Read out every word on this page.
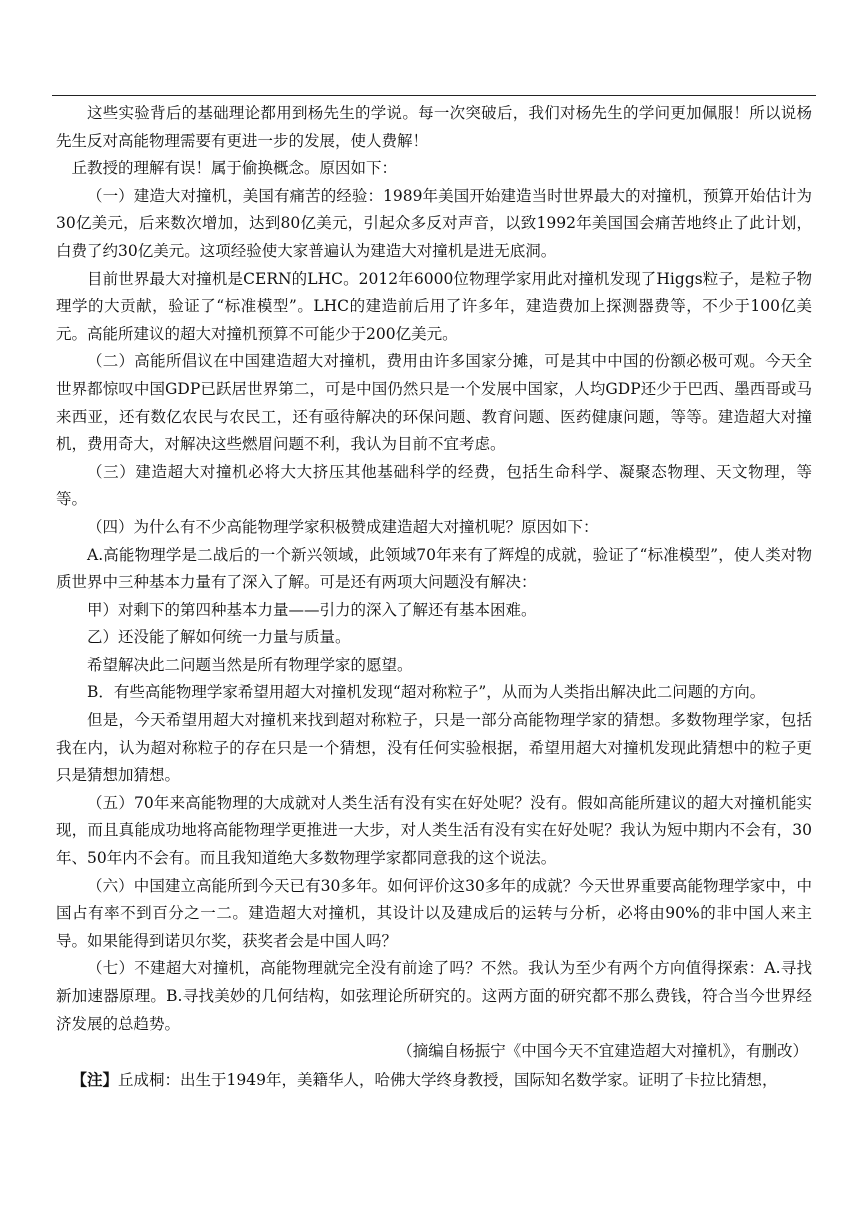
这些实验背后的基础理论都用到杨先生的学说。每一次突破后，我们对杨先生的学问更加佩服！所以说杨先生反对高能物理需要有更进一步的发展，使人费解！

丘教授的理解有误！属于偷换概念。原因如下：

（一）建造大对撞机，美国有痛苦的经验：1989年美国开始建造当时世界最大的对撞机，预算开始估计为30亿美元，后来数次增加，达到80亿美元，引起众多反对声音，以致1992年美国国会痛苦地终止了此计划，白费了约30亿美元。这项经验使大家普遍认为建造大对撞机是进无底洞。

目前世界最大对撞机是CERN的LHC。2012年6000位物理学家用此对撞机发现了Higgs粒子，是粒子物理学的大贡献，验证了“标准模型”。LHC的建造前后用了许多年，建造费加上探测器费等，不少于100亿美元。高能所建议的超大对撞机预算不可能少于200亿美元。

（二）高能所倡议在中国建造超大对撞机，费用由许多国家分摊，可是其中中国的份额必极可观。今天全世界都惊叹中国GDP已跃居世界第二，可是中国仍然只是一个发展中国家，人均GDP还少于巴西、墨西哥或马来西亚，还有数亿农民与农民工，还有亟待解决的环保问题、教育问题、医药健康问题，等等。建造超大对撞机，费用奇大，对解决这些燃眉问题不利，我认为目前不宜考虑。

（三）建造超大对撞机必将大大挤压其他基础科学的经费，包括生命科学、凝聚态物理、天文物理，等等。

（四）为什么有不少高能物理学家积极赞成建造超大对撞机呢？原因如下：

A.高能物理学是二战后的一个新兴领域，此领域70年来有了辉煌的成就，验证了“标准模型”，使人类对物质世界中三种基本力量有了深入了解。可是还有两项大问题没有解决：

甲）对剩下的第四种基本力量——引力的深入了解还有基本困难。

乙）还没能了解如何统一力量与质量。

希望解决此二问题当然是所有物理学家的愿望。

B．有些高能物理学家希望用超大对撞机发现“超对称粒子”，从而为人类指出解决此二问题的方向。

但是，今天希望用超大对撞机来找到超对称粒子，只是一部分高能物理学家的猜想。多数物理学家，包括我在内，认为超对称粒子的存在只是一个猜想，没有任何实验根据，希望用超大对撞机发现此猜想中的粒子更只是猜想加猜想。

（五）70年来高能物理的大成就对人类生活有没有实在好处呢？没有。假如高能所建议的超大对撞机能实现，而且真能成功地将高能物理学更推进一大步，对人类生活有没有实在好处呢？我认为短中期内不会有，30年、50年内不会有。而且我知道绝大多数物理学家都同意我的这个说法。

（六）中国建立高能所到今天已有30多年。如何评价这30多年的成就？今天世界重要高能物理学家中，中国占有率不到百分之一二。建造超大对撞机，其设计以及建成后的运转与分析，必将由90%的非中国人来主导。如果能得到诺贝尔奖，获奖者会是中国人吗？

（七）不建超大对撞机，高能物理就完全没有前途了吗？不然。我认为至少有两个方向值得探索：A.寻找新加速器原理。B.寻找美妙的几何结构，如弦理论所研究的。这两方面的研究都不那么费钱，符合当今世界经济发展的总趋势。

（摘编自杨振宁《中国今天不宜建造超大对撞机》，有删改）

【注】丘成桐：出生于1949年，美籍华人，哈佛大学终身教授，国际知名数学家。证明了卡拉比猜想，
